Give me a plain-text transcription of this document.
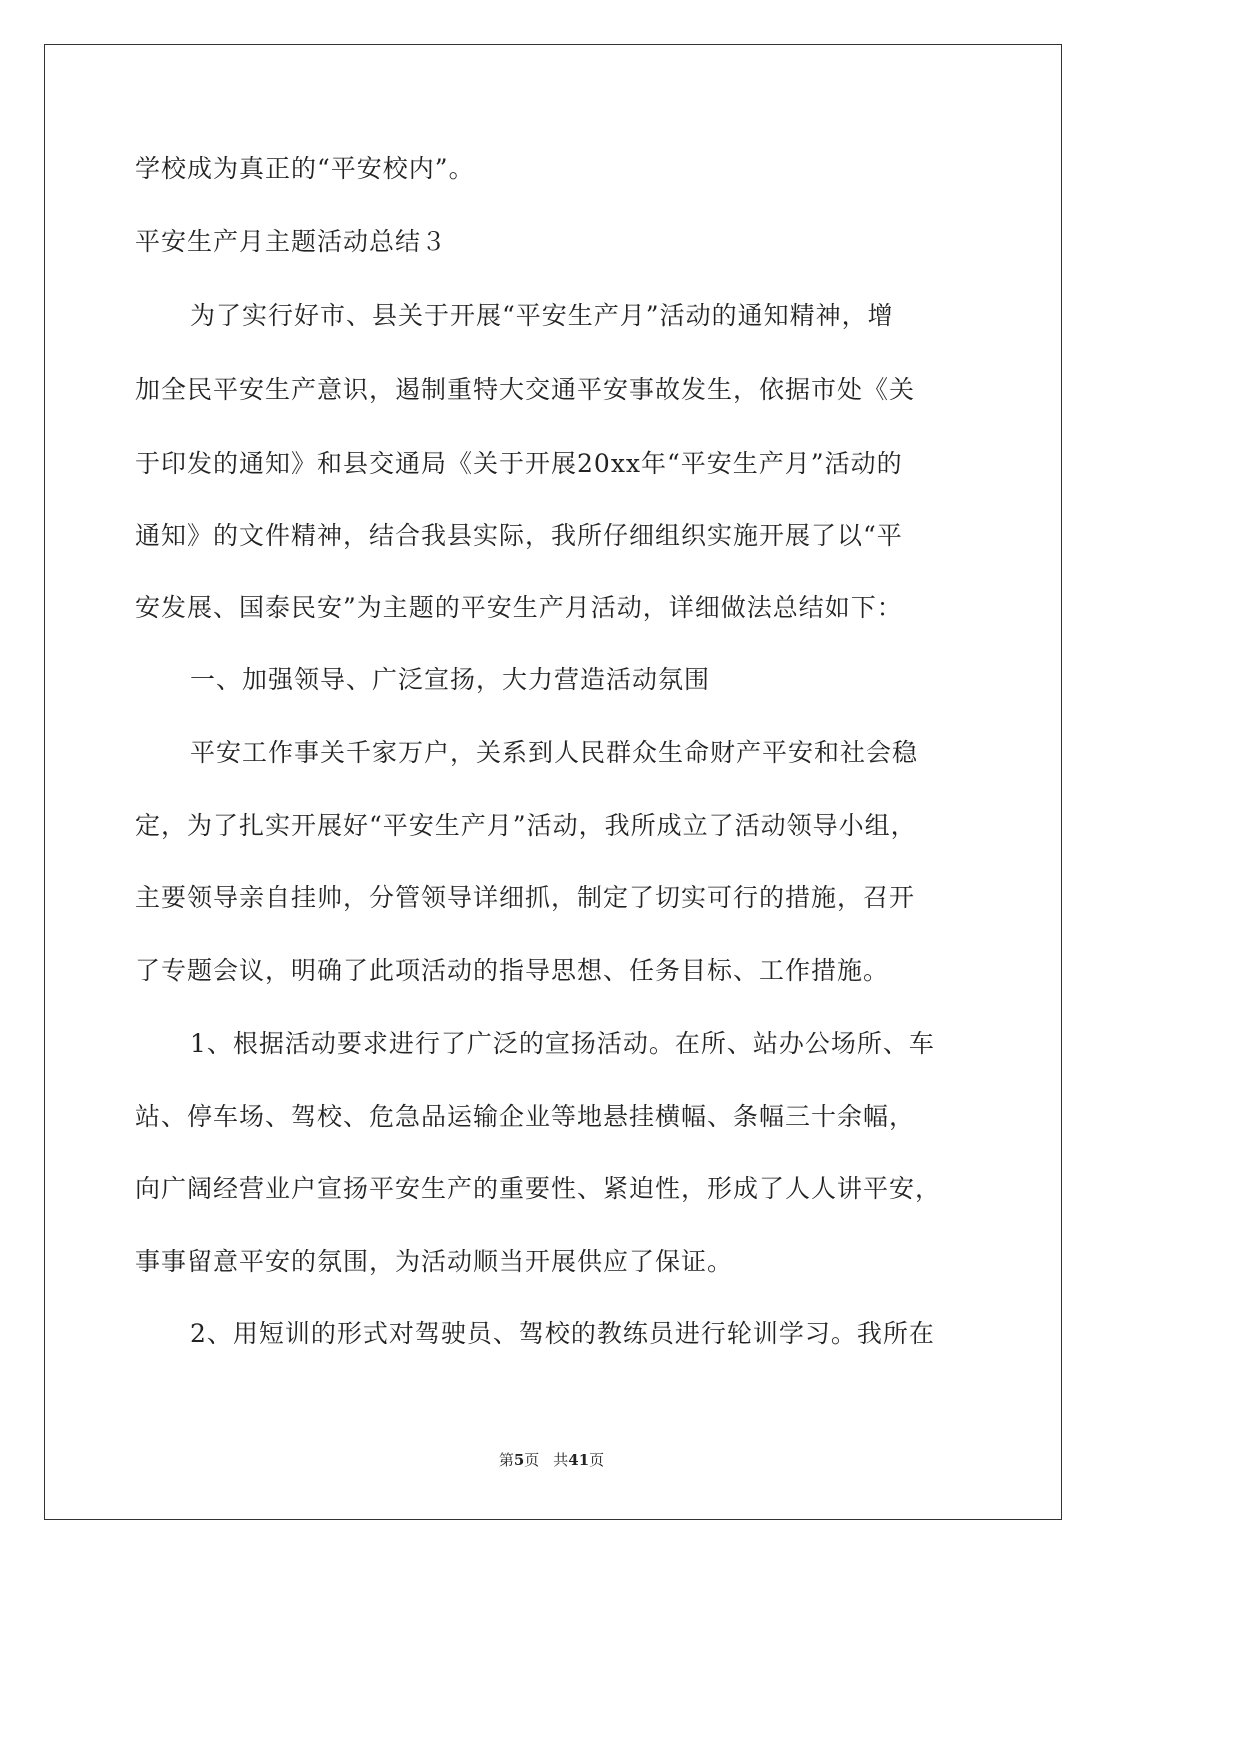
学校成为真正的“平安校内”。
平安生产月主题活动总结３
为了实行好市、县关于开展“平安生产月”活动的通知精神，增
加全民平安生产意识，遏制重特大交通平安事故发生，依据市处《关
于印发的通知》和县交通局《关于开展20xx年“平安生产月”活动的
通知》的文件精神，结合我县实际，我所仔细组织实施开展了以“平
安发展、国泰民安”为主题的平安生产月活动，详细做法总结如下：
一、加强领导、广泛宣扬，大力营造活动氛围
平安工作事关千家万户，关系到人民群众生命财产平安和社会稳
定，为了扎实开展好“平安生产月”活动，我所成立了活动领导小组，
主要领导亲自挂帅，分管领导详细抓，制定了切实可行的措施，召开
了专题会议，明确了此项活动的指导思想、任务目标、工作措施。
1、根据活动要求进行了广泛的宣扬活动。在所、站办公场所、车
站、停车场、驾校、危急品运输企业等地悬挂横幅、条幅三十余幅，
向广阔经营业户宣扬平安生产的重要性、紧迫性，形成了人人讲平安，
事事留意平安的氛围，为活动顺当开展供应了保证。
2、用短训的形式对驾驶员、驾校的教练员进行轮训学习。我所在
第5页 共41页
